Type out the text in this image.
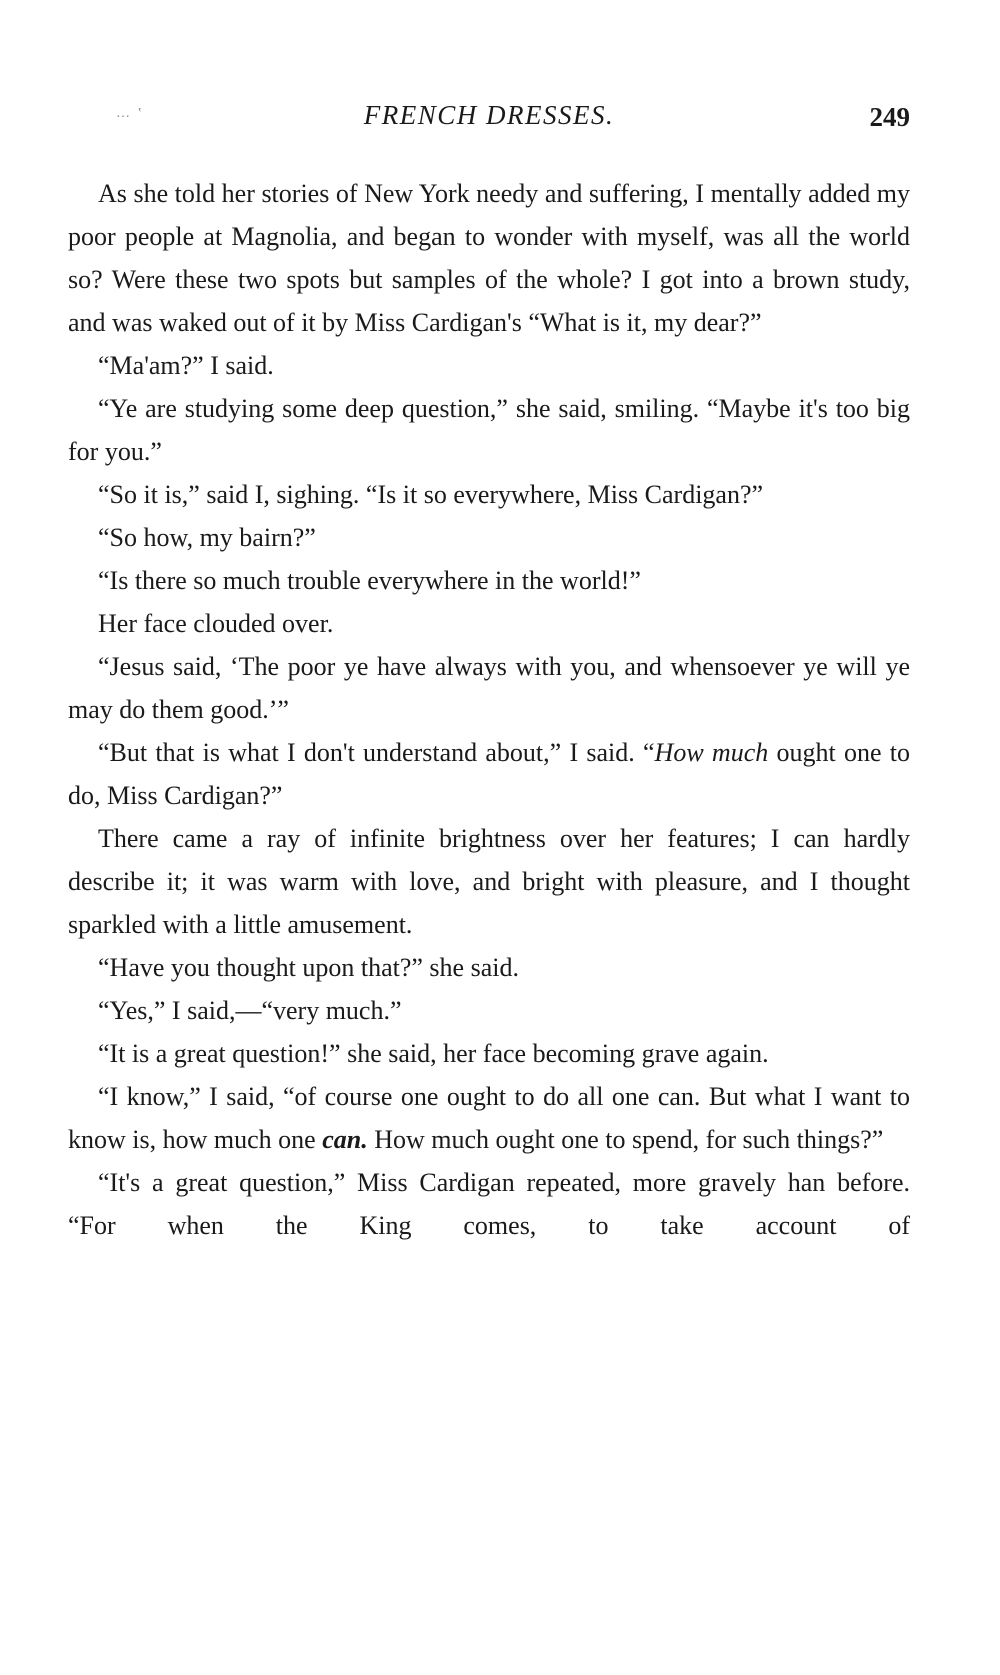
… ʽ	FRENCH DRESSES.	249

As she told her stories of New York needy and suffering, I mentally added my poor people at Magnolia, and began to wonder with myself, was all the world so? Were these two spots but samples of the whole? I got into a brown study, and was waked out of it by Miss Cardigan's “What is it, my dear?”

“Ma'am?” I said.

“Ye are studying some deep question,” she said, smiling. “Maybe it's too big for you.”

“So it is,” said I, sighing. “Is it so everywhere, Miss Cardigan?”

“So how, my bairn?”

“Is there so much trouble everywhere in the world!”

Her face clouded over.

“Jesus said, ‘The poor ye have always with you, and whensoever ye will ye may do them good.’”

“But that is what I don't understand about,” I said. “How much ought one to do, Miss Cardigan?”

There came a ray of infinite brightness over her features; I can hardly describe it; it was warm with love, and bright with pleasure, and I thought sparkled with a little amusement.

“Have you thought upon that?” she said.

“Yes,” I said,—“very much.”

“It is a great question!” she said, her face becoming grave again.

“I know,” I said, “of course one ought to do all one can. But what I want to know is, how much one can. How much ought one to spend, for such things?”

“It's a great question,” Miss Cardigan repeated, more gravely han before. “For when the King comes, to take account of
